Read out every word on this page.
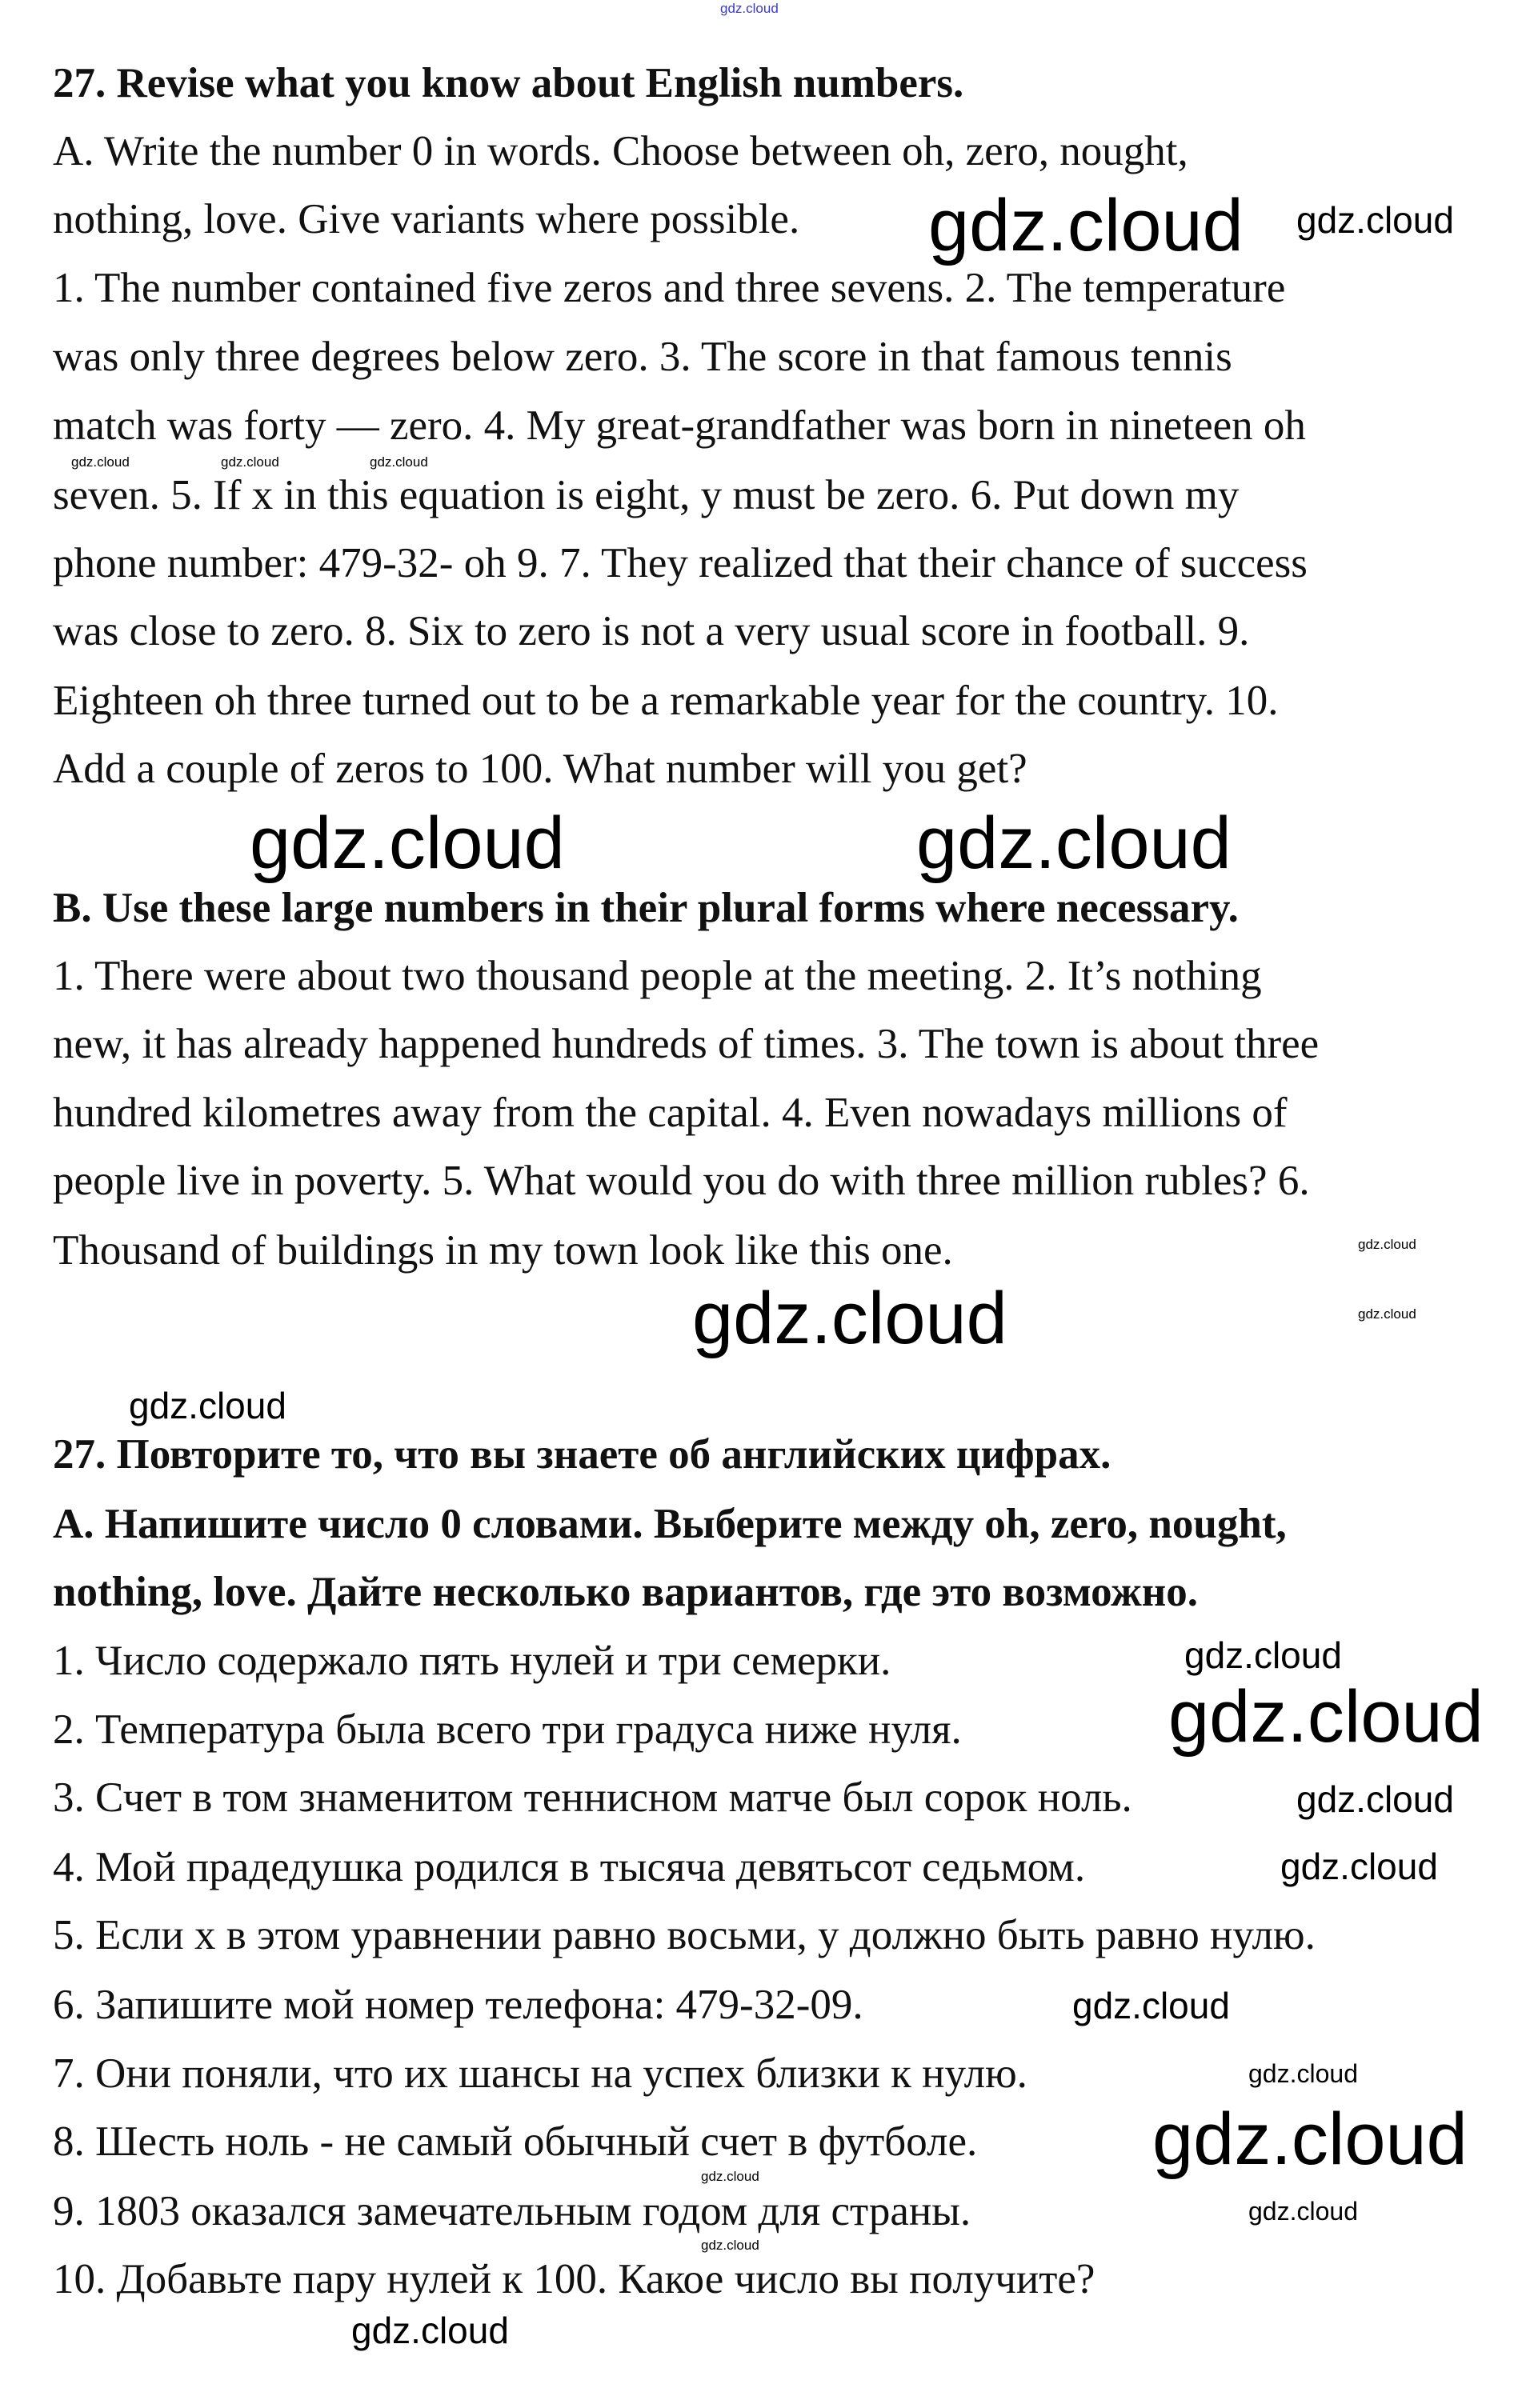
27. Revise what you know about English numbers.
A. Write the number 0 in words. Choose between oh, zero, nought,
nothing, love. Give variants where possible.
1. The number contained five zeros and three sevens. 2. The temperature
was only three degrees below zero. 3. The score in that famous tennis
match was forty — zero. 4. My great-grandfather was born in nineteen oh
seven. 5. If x in this equation is eight, y must be zero. 6. Put down my
phone number: 479-32- oh 9. 7. They realized that their chance of success
was close to zero. 8. Six to zero is not a very usual score in football. 9.
Eighteen oh three turned out to be a remarkable year for the country. 10.
Add a couple of zeros to 100. What number will you get?
B. Use these large numbers in their plural forms where necessary.
1. There were about two thousand people at the meeting. 2. It’s nothing
new, it has already happened hundreds of times. 3. The town is about three
hundred kilometres away from the capital. 4. Even nowadays millions of
people live in poverty. 5. What would you do with three million rubles? 6.
Thousand of buildings in my town look like this one.
27. Повторите то, что вы знаете об английских цифрах.
A. Напишите число 0 словами. Выберите между oh, zero, nought,
nothing, love. Дайте несколько вариантов, где это возможно.
1. Число содержало пять нулей и три семерки.
2. Температура была всего три градуса ниже нуля.
3. Счет в том знаменитом теннисном матче был сорок ноль.
4. Мой прадедушка родился в тысяча девятьсот седьмом.
5. Если x в этом уравнении равно восьми, y должно быть равно нулю.
6. Запишите мой номер телефона: 479-32-09.
7. Они поняли, что их шансы на успех близки к нулю.
8. Шесть ноль - не самый обычный счет в футболе.
9. 1803 оказался замечательным годом для страны.
10. Добавьте пару нулей к 100. Какое число вы получите?
gdz.cloud
gdz.cloud gdz.cloud
gdz.cloud	gdz.cloud	gdz.cloud
gdz.cloud	gdz.cloud
gdz.cloud
gdz.cloud
gdz.cloud
gdz.cloud
gdz.cloud
gdz.cloud
gdz.cloud
gdz.cloud
gdz.cloud
gdz.cloud
gdz.cloud
gdz.cloud
gdz.cloud
gdz.cloud
gdz.cloud
